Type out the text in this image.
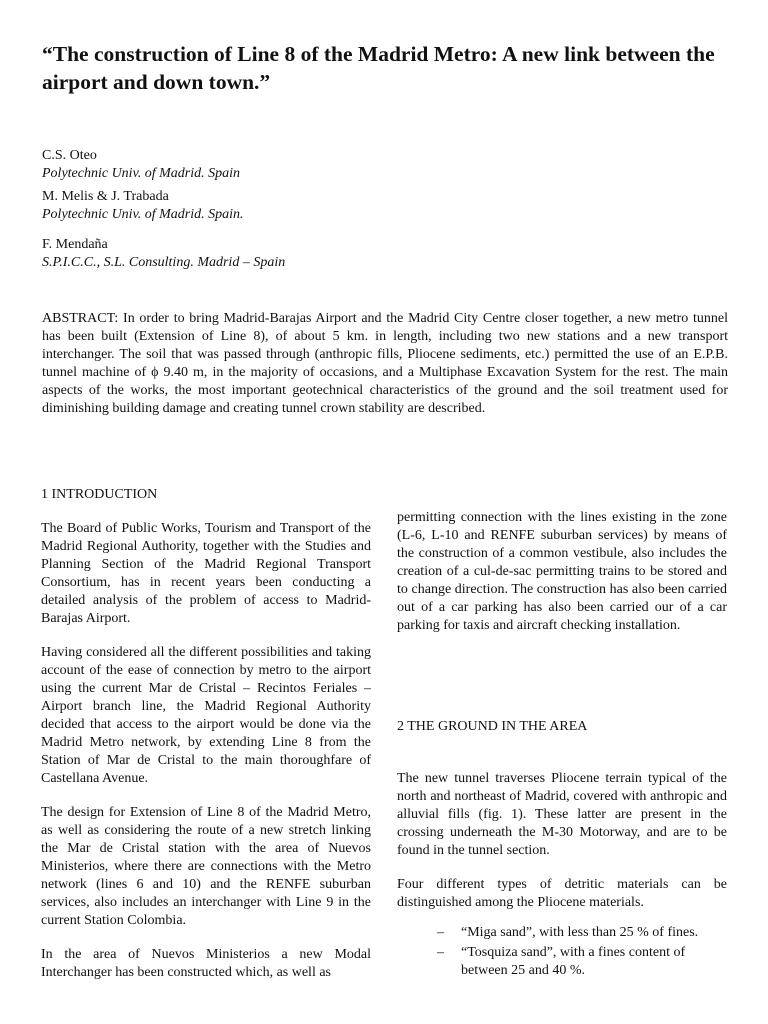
“The construction of Line 8 of the Madrid Metro: A new link between the airport and down town.”
C.S. Oteo
Polytechnic Univ. of Madrid. Spain
M. Melis & J. Trabada
Polytechnic Univ. of Madrid. Spain.
F. Mendaña
S.P.I.C.C., S.L. Consulting. Madrid – Spain

ABSTRACT: In order to bring Madrid-Barajas Airport and the Madrid City Centre closer together, a new metro tunnel has been built (Extension of Line 8), of about 5 km. in length, including two new stations and a new transport interchanger. The soil that was passed through (anthropic fills, Pliocene sediments, etc.) permitted the use of an E.P.B. tunnel machine of ϕ 9.40 m, in the majority of occasions, and a Multiphase Excavation System for the rest. The main aspects of the works, the most important geotechnical characteristics of the ground and the soil treatment used for diminishing building damage and creating tunnel crown stability are described.

1 INTRODUCTION

The Board of Public Works, Tourism and Transport of the Madrid Regional Authority, together with the Studies and Planning Section of the Madrid Regional Transport Consortium, has in recent years been conducting a detailed analysis of the problem of access to Madrid-Barajas Airport.

Having considered all the different possibilities and taking account of the ease of connection by metro to the airport using the current Mar de Cristal – Recintos Feriales – Airport branch line, the Madrid Regional Authority decided that access to the airport would be done via the Madrid Metro network, by extending Line 8 from the Station of Mar de Cristal to the main thoroughfare of Castellana Avenue.

The design for Extension of Line 8 of the Madrid Metro, as well as considering the route of a new stretch linking the Mar de Cristal station with the area of Nuevos Ministerios, where there are connections with the Metro network (lines 6 and 10) and the RENFE suburban services, also includes an interchanger with Line 9 in the current Station Colombia.

In the area of Nuevos Ministerios a new Modal Interchanger has been constructed which, as well as

permitting connection with the lines existing in the zone (L-6, L-10 and RENFE suburban services) by means of the construction of a common vestibule, also includes the creation of a cul-de-sac permitting trains to be stored and to change direction. The construction has also been carried out of a car parking has also been carried our of a car parking for taxis and aircraft checking installation.

2 THE GROUND IN THE AREA

The new tunnel traverses Pliocene terrain typical of the north and northeast of Madrid, covered with anthropic and alluvial fills (fig. 1). These latter are present in the crossing underneath the M-30 Motorway, and are to be found in the tunnel section.

Four different types of detritic materials can be distinguished among the Pliocene materials.

– “Miga sand”, with less than 25 % of fines.
– “Tosquiza sand”, with a fines content of between 25 and 40 %.
